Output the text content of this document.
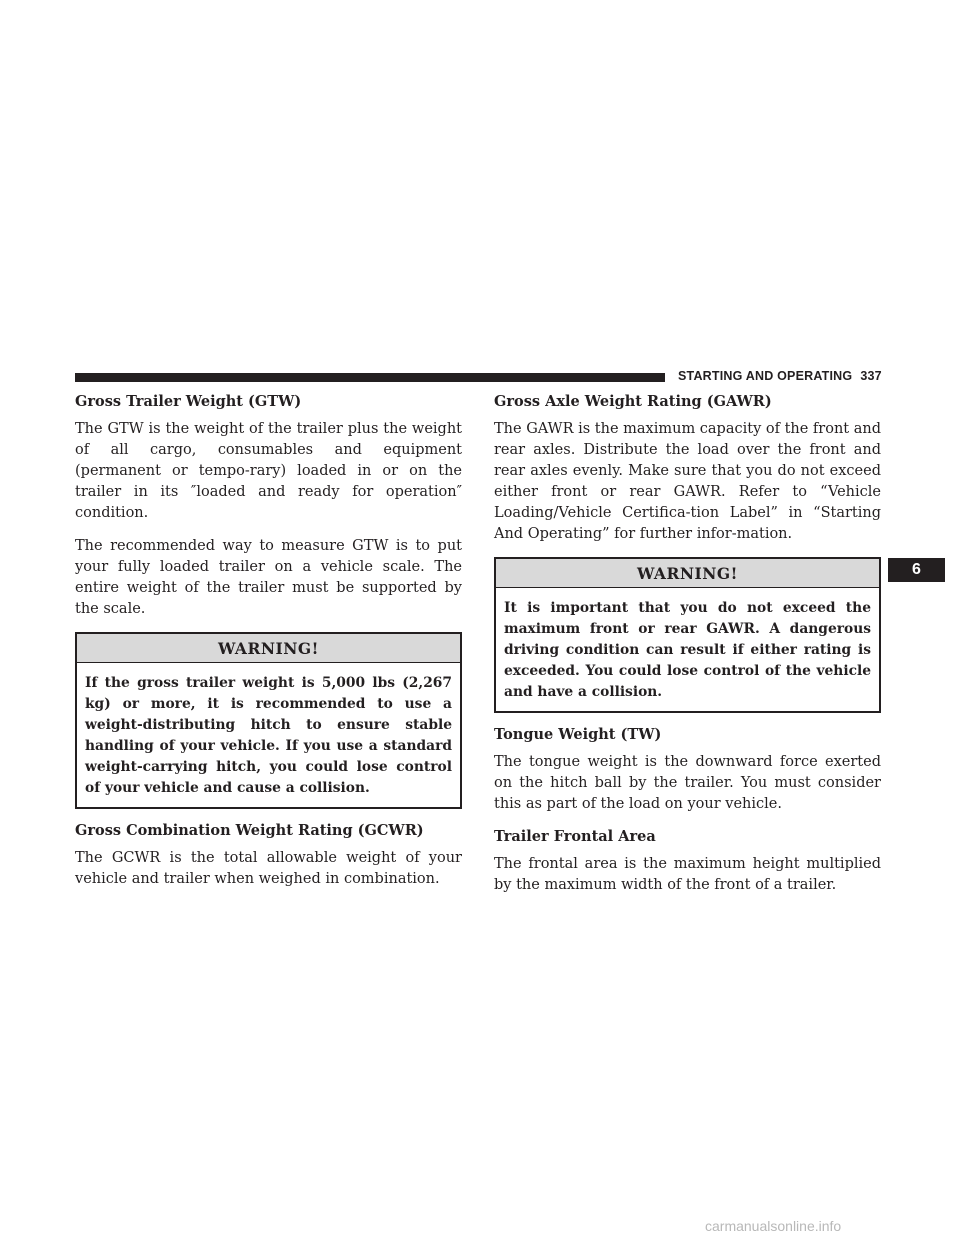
STARTING AND OPERATING 337
Gross Trailer Weight (GTW)

The GTW is the weight of the trailer plus the weight of all cargo, consumables and equipment (permanent or tempo-rary) loaded in or on the trailer in its ″loaded and ready for operation″ condition.

The recommended way to measure GTW is to put your fully loaded trailer on a vehicle scale. The entire weight of the trailer must be supported by the scale.

WARNING!
If the gross trailer weight is 5,000 lbs (2,267 kg) or more, it is recommended to use a weight-distributing hitch to ensure stable handling of your vehicle. If you use a standard weight-carrying hitch, you could lose control of your vehicle and cause a collision.
Gross Combination Weight Rating (GCWR)

The GCWR is the total allowable weight of your vehicle and trailer when weighed in combination.

Gross Axle Weight Rating (GAWR)

The GAWR is the maximum capacity of the front and rear axles. Distribute the load over the front and rear axles evenly. Make sure that you do not exceed either front or rear GAWR. Refer to “Vehicle Loading/Vehicle Certifica-tion Label” in “Starting And Operating” for further infor-mation.

WARNING!
It is important that you do not exceed the maximum front or rear GAWR. A dangerous driving condition can result if either rating is exceeded. You could lose control of the vehicle and have a collision.
Tongue Weight (TW)

The tongue weight is the downward force exerted on the hitch ball by the trailer. You must consider this as part of the load on your vehicle.

Trailer Frontal Area

The frontal area is the maximum height multiplied by the maximum width of the front of a trailer.

6
carmanualsonline.info
